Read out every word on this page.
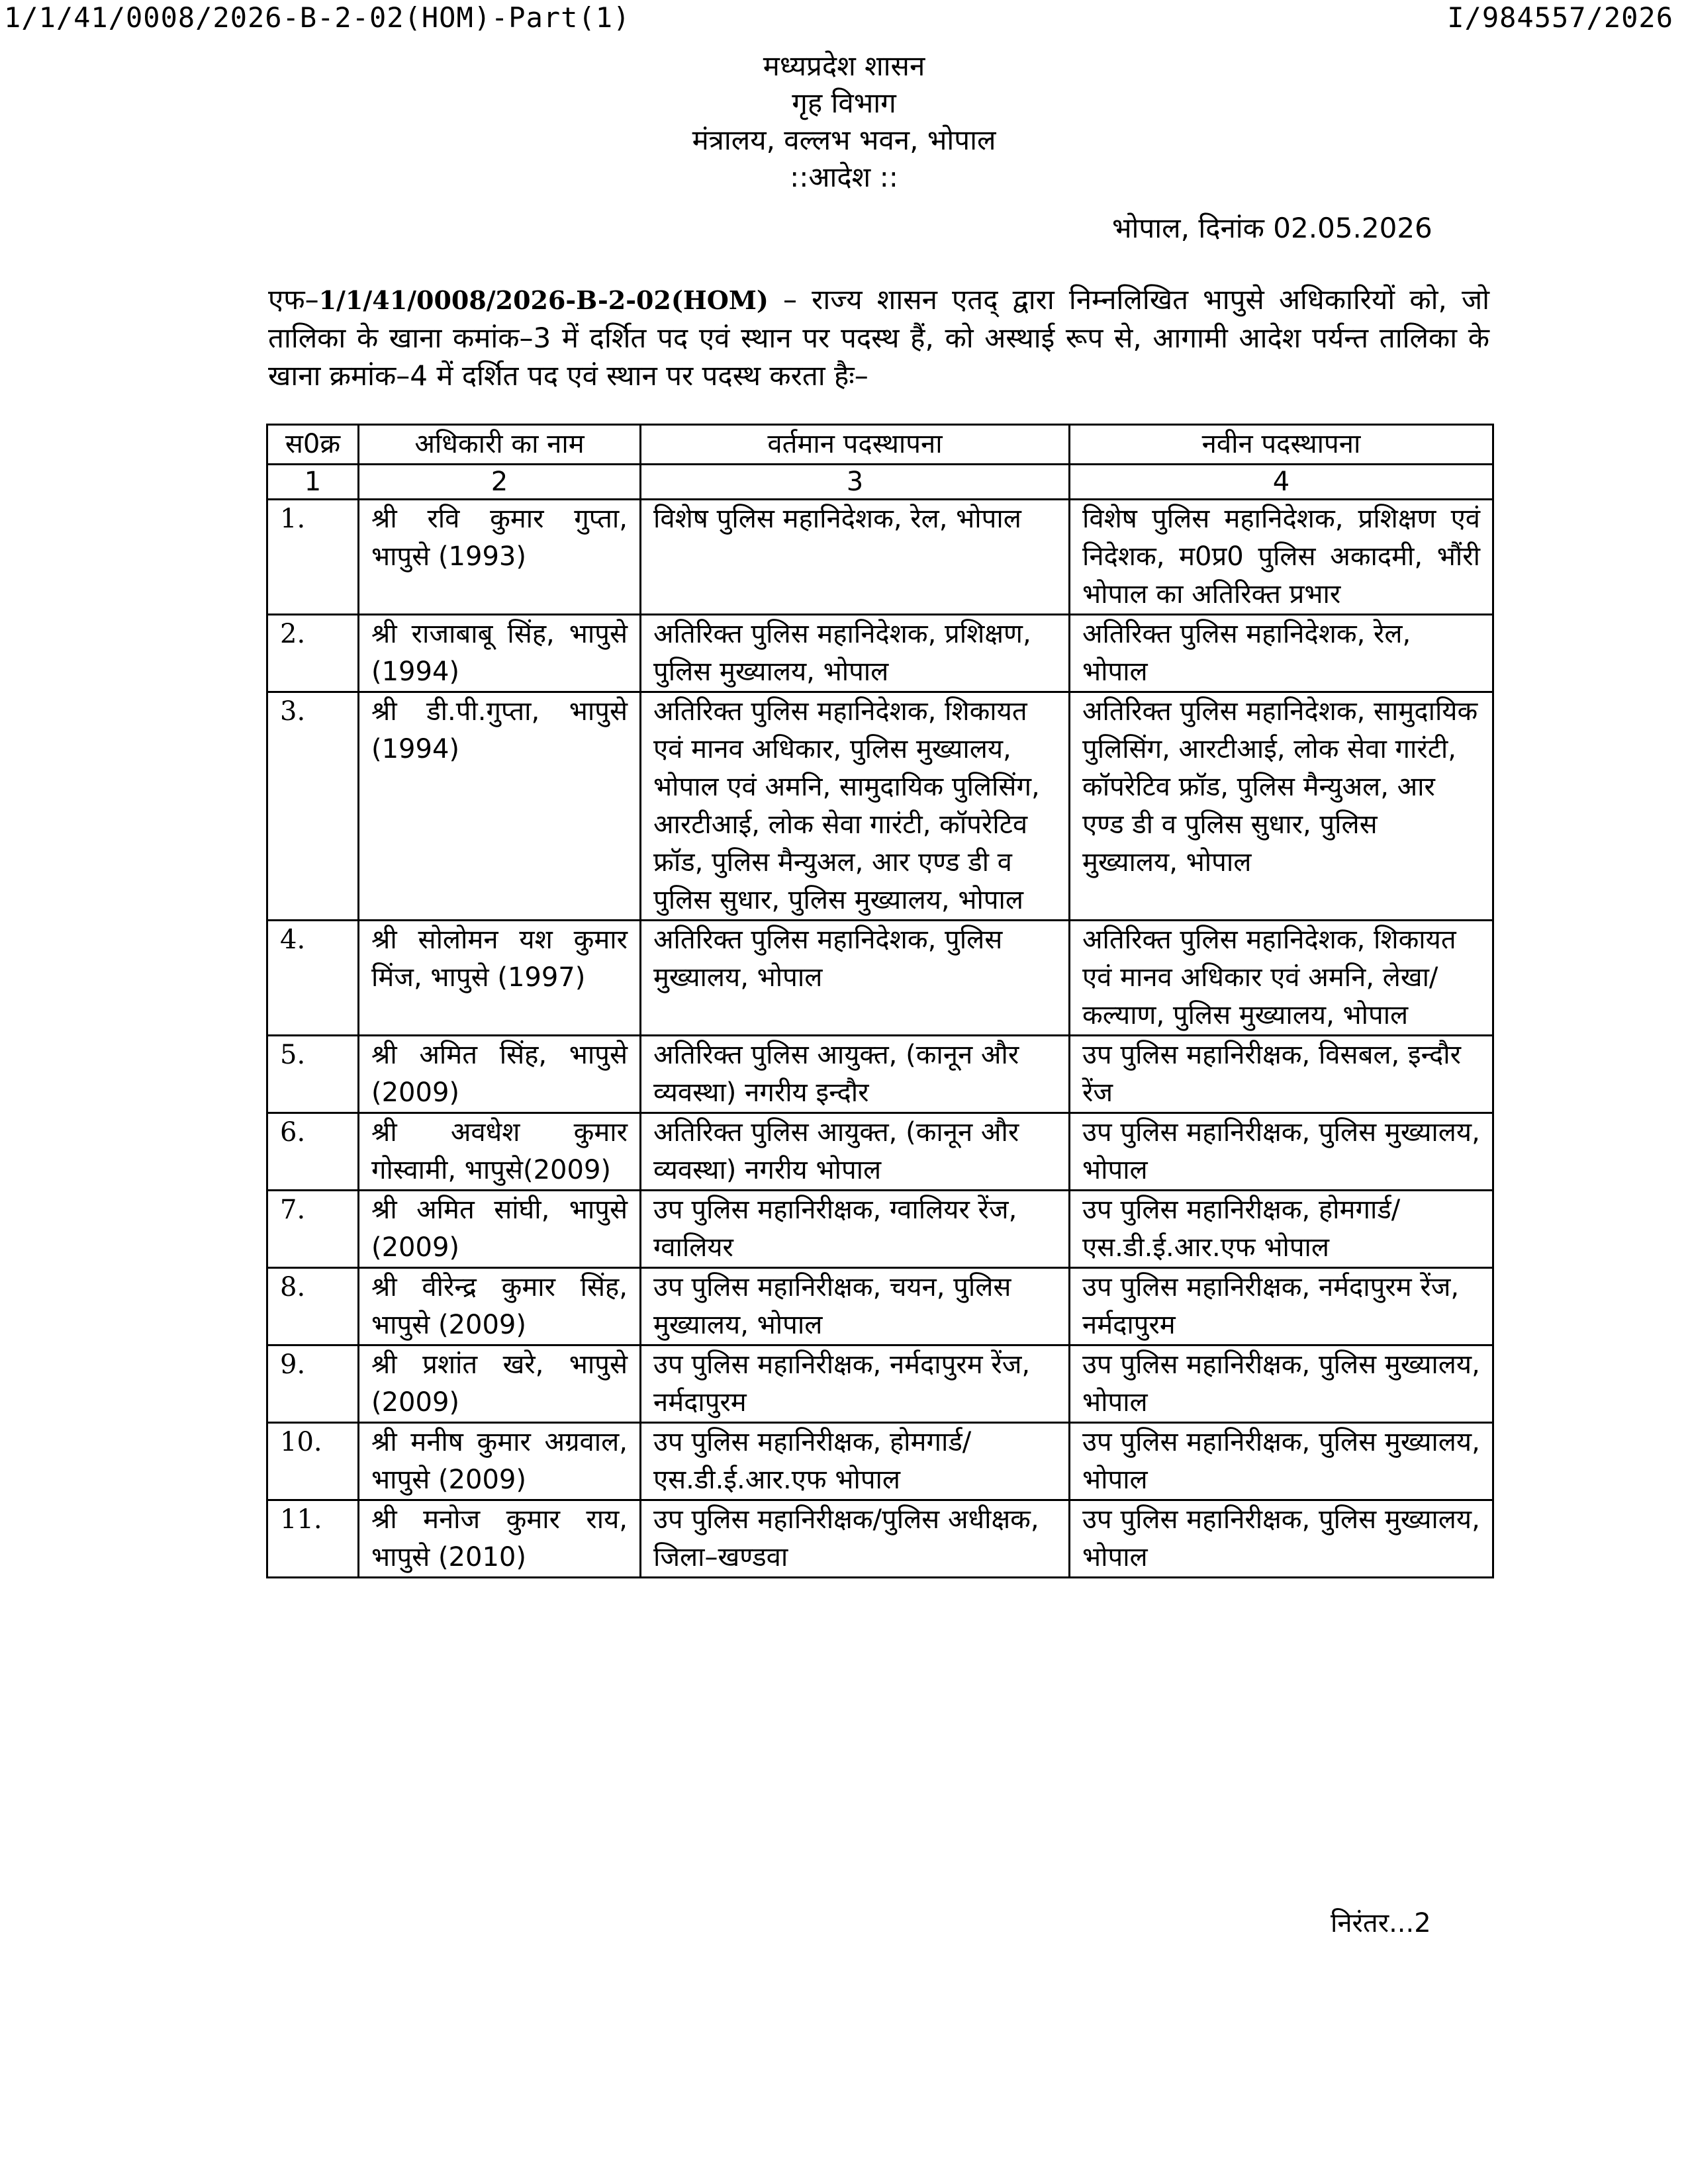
1/1/41/0008/2026-B-2-02(HOM)-Part(1)	I/984557/2026
मध्यप्रदेश शासन
गृह विभाग
मंत्रालय, वल्लभ भवन, भोपाल
::आदेश ::
भोपाल, दिनांक 02.05.2026
एफ–1/1/41/0008/2026-B-2-02(HOM) – राज्य शासन एतद् द्वारा निम्नलिखित भापुसे अधिकारियों को, जो तालिका के खाना कमांक–3 में दर्शित पद एवं स्थान पर पदस्थ हैं, को अस्थाई रूप से, आगामी आदेश पर्यन्त तालिका के खाना क्रमांक–4 में दर्शित पद एवं स्थान पर पदस्थ करता हैः–
स0क्र	अधिकारी का नाम	वर्तमान पदस्थापना	नवीन पदस्थापना
1	2	3	4
1.	श्री रवि कुमार गुप्ता, भापुसे (1993)	विशेष पुलिस महानिदेशक, रेल, भोपाल	विशेष पुलिस महानिदेशक, प्रशिक्षण एवं निदेशक, म0प्र0 पुलिस अकादमी, भौंरी भोपाल का अतिरिक्त प्रभार
2.	श्री राजाबाबू सिंह, भापुसे (1994)	अतिरिक्त पुलिस महानिदेशक, प्रशिक्षण, पुलिस मुख्यालय, भोपाल	अतिरिक्त पुलिस महानिदेशक, रेल, भोपाल
3.	श्री डी.पी.गुप्ता, भापुसे (1994)	अतिरिक्त पुलिस महानिदेशक, शिकायत एवं मानव अधिकार, पुलिस मुख्यालय, भोपाल एवं अमनि, सामुदायिक पुलिसिंग, आरटीआई, लोक सेवा गारंटी, कॉपरेटिव फ्रॉड, पुलिस मैन्युअल, आर एण्ड डी व पुलिस सुधार, पुलिस मुख्यालय, भोपाल	अतिरिक्त पुलिस महानिदेशक, सामुदायिक पुलिसिंग, आरटीआई, लोक सेवा गारंटी, कॉपरेटिव फ्रॉड, पुलिस मैन्युअल, आर एण्ड डी व पुलिस सुधार, पुलिस मुख्यालय, भोपाल
4.	श्री सोलोमन यश कुमार मिंज, भापुसे (1997)	अतिरिक्त पुलिस महानिदेशक, पुलिस मुख्यालय, भोपाल	अतिरिक्त पुलिस महानिदेशक, शिकायत एवं मानव अधिकार एवं अमनि, लेखा/कल्याण, पुलिस मुख्यालय, भोपाल
5.	श्री अमित सिंह, भापुसे (2009)	अतिरिक्त पुलिस आयुक्त, (कानून और व्यवस्था) नगरीय इन्दौर	उप पुलिस महानिरीक्षक, विसबल, इन्दौर रेंज
6.	श्री अवधेश कुमार गोस्वामी, भापुसे(2009)	अतिरिक्त पुलिस आयुक्त, (कानून और व्यवस्था) नगरीय भोपाल	उप पुलिस महानिरीक्षक, पुलिस मुख्यालय, भोपाल
7.	श्री अमित सांघी, भापुसे (2009)	उप पुलिस महानिरीक्षक, ग्वालियर रेंज, ग्वालियर	उप पुलिस महानिरीक्षक, होमगार्ड/एस.डी.ई.आर.एफ भोपाल
8.	श्री वीरेन्द्र कुमार सिंह, भापुसे (2009)	उप पुलिस महानिरीक्षक, चयन, पुलिस मुख्यालय, भोपाल	उप पुलिस महानिरीक्षक, नर्मदापुरम रेंज, नर्मदापुरम
9.	श्री प्रशांत खरे, भापुसे (2009)	उप पुलिस महानिरीक्षक, नर्मदापुरम रेंज, नर्मदापुरम	उप पुलिस महानिरीक्षक, पुलिस मुख्यालय, भोपाल
10.	श्री मनीष कुमार अग्रवाल, भापुसे (2009)	उप पुलिस महानिरीक्षक, होमगार्ड/एस.डी.ई.आर.एफ भोपाल	उप पुलिस महानिरीक्षक, पुलिस मुख्यालय, भोपाल
11.	श्री मनोज कुमार राय, भापुसे (2010)	उप पुलिस महानिरीक्षक/पुलिस अधीक्षक, जिला–खण्डवा	उप पुलिस महानिरीक्षक, पुलिस मुख्यालय, भोपाल
निरंतर...2
